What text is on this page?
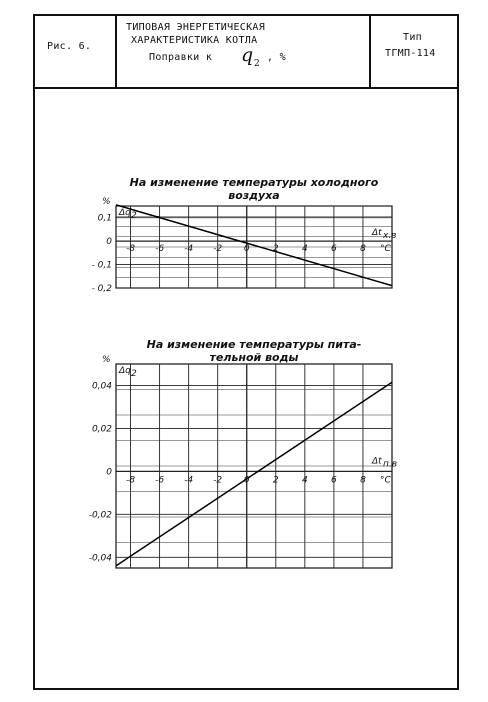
Рис. 6.
ТИПОВАЯ ЭНЕРГЕТИЧЕСКАЯ
ХАРАКТЕРИСТИКА КОТЛА
Поправки к q 2
, %
Тип
ТГМП-114
На изменение температуры холодного
воздуха
На изменение температуры пита-
тельной воды
-8 -6 -4 -2 0	2	4	6	8
0,1
0
- 0,1
- 0,2
%
Δq 2
Δt х.в
°С
-8 -6 -4 -2 0	2	4	6	8
0,04
0,02
0
-0,02
-0,04
%
Δq 2
Δt п.в
°С
